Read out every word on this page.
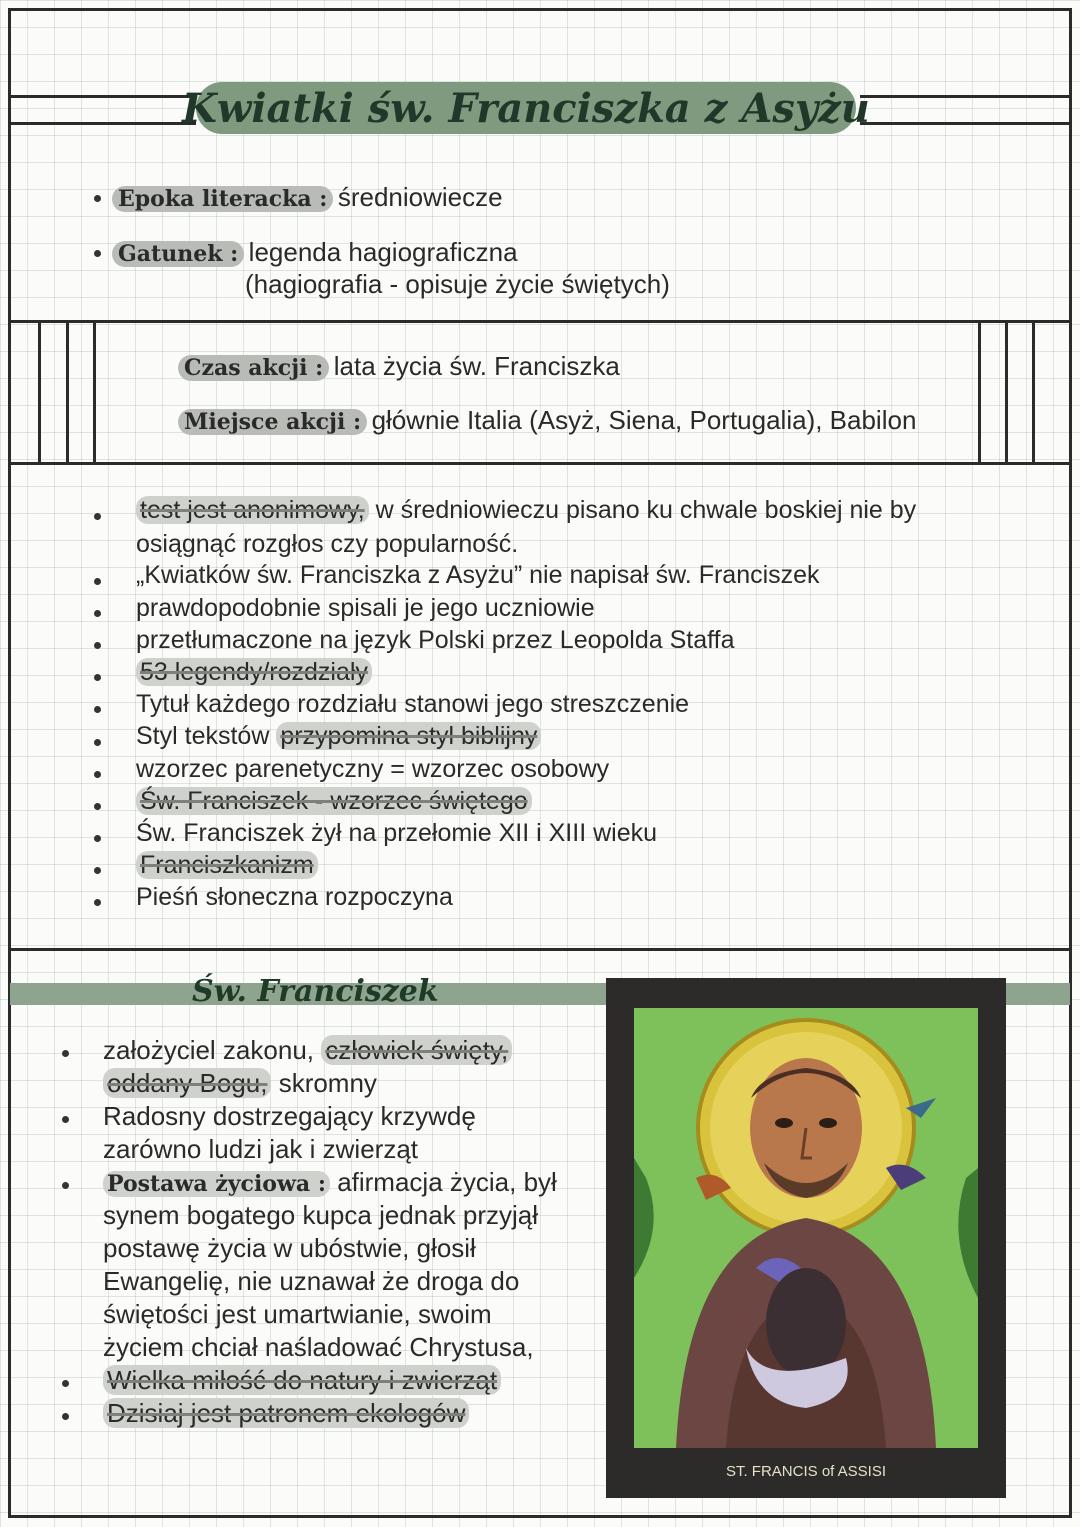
Kwiatki św. Franciszka z Asyżu
Epoka literacka : średniowiecze
Gatunek : legenda hagiograficzna
(hagiografia - opisuje życie świętych)
Czas akcji : lata życia św. Franciszka
Miejsce akcji : głównie Italia (Asyż, Siena, Portugalia), Babilon
test jest anonimowy, w średniowieczu pisano ku chwale boskiej nie by
osiągnąć rozgłos czy popularność.
„Kwiatków św. Franciszka z Asyżu” nie napisał św. Franciszek
prawdopodobnie spisali je jego uczniowie
przetłumaczone na język Polski przez Leopolda Staffa
53 legendy/rozdziały
Tytuł każdego rozdziału stanowi jego streszczenie
Styl tekstów przypomina styl biblijny
wzorzec parenetyczny = wzorzec osobowy
Św. Franciszek - wzorzec świętego
Św. Franciszek żył na przełomie XII i XIII wieku
Franciszkanizm
Pieśń słoneczna rozpoczyna
Św. Franciszek
założyciel zakonu, człowiek święty,
oddany Bogu, skromny
Radosny dostrzegający krzywdę
zarówno ludzi jak i zwierząt
Postawa życiowa : afirmacja życia, był
synem bogatego kupca jednak przyjął
postawę życia w ubóstwie, głosił
Ewangelię, nie uznawał że droga do
świętości jest umartwianie, swoim
życiem chciał naśladować Chrystusa,
Wielka miłość do natury i zwierząt
Dzisiaj jest patronem ekologów
ST. FRANCIS of ASSISI
